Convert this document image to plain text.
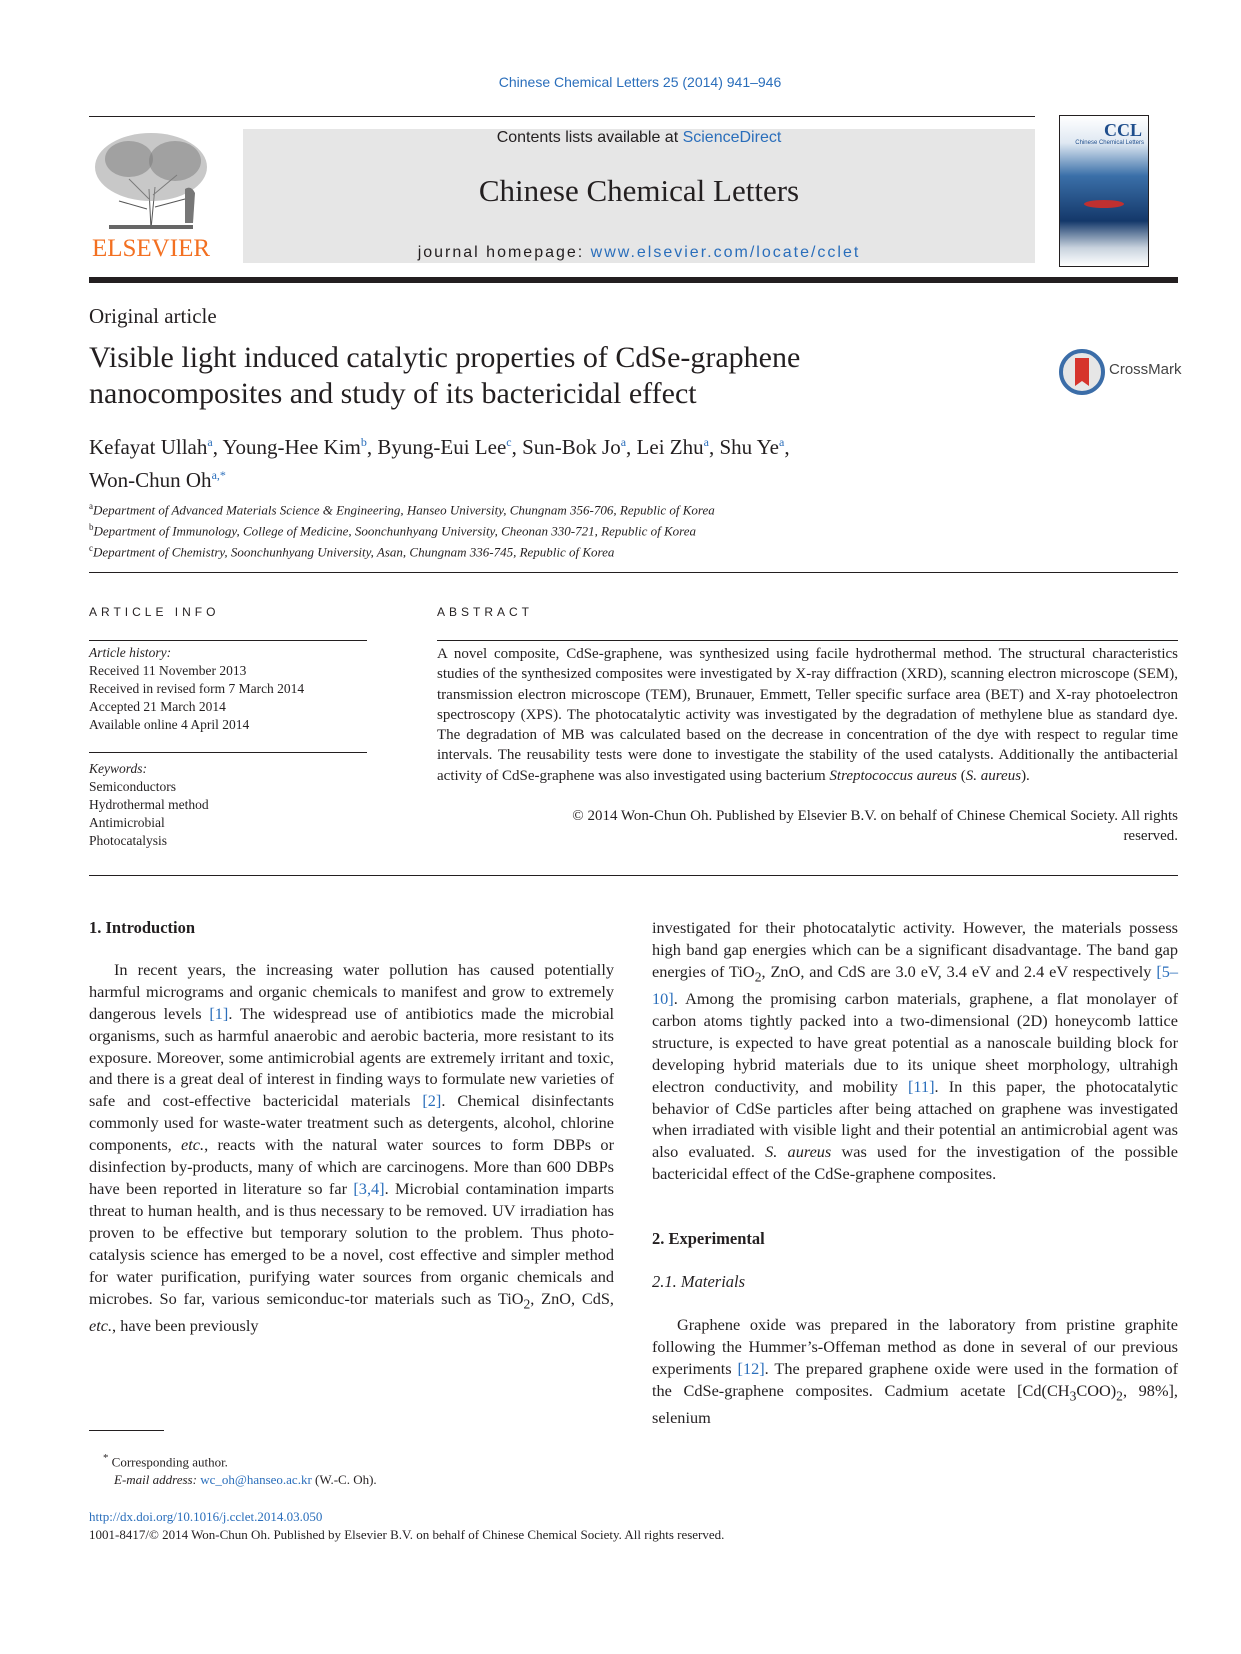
Chinese Chemical Letters 25 (2014) 941–946
ELSEVIER
Contents lists available at ScienceDirect
Chinese Chemical Letters
journal homepage: www.elsevier.com/locate/cclet
CCL
Chinese Chemical Letters
Original article
Visible light induced catalytic properties of CdSe-graphene
nanocomposites and study of its bactericidal effect
CrossMark
Kefayat Ullah$^a$, Young-Hee Kim$^b$, Byung-Eui Lee$^c$, Sun-Bok Jo$^a$, Lei Zhu$^a$, Shu Ye$^a$,
Won-Chun $Oh^{a,*}$
$^a$Department of Advanced Materials Science & Engineering, Hanseo University, Chungnam 356-706, Republic of Korea
$^b$Department of Immunology, College of Medicine, Soonchunhyang University, Cheonan 330-721, Republic of Korea
$^c$Department of Chemistry, Soonchunhyang University, Asan, Chungnam 336-745, Republic of Korea
ARTICLE INFO	ABSTRACT
Article history:
Received 11 November 2013
Received in revised form 7 March 2014
Accepted 21 March 2014
Available online 4 April 2014
Keywords:
Semiconductors
Hydrothermal method
Antimicrobial
Photocatalysis
A novel composite, CdSe-graphene, was synthesized using facile hydrothermal method. The structural characteristics studies of the synthesized composites were investigated by X-ray diffraction (XRD), scanning electron microscope (SEM), transmission electron microscope (TEM), Brunauer, Emmett, Teller specific surface area (BET) and X-ray photoelectron spectroscopy (XPS). The photocatalytic activity was investigated by the degradation of methylene blue as standard dye. The degradation of MB was calculated based on the decrease in concentration of the dye with respect to regular time intervals. The reusability tests were done to investigate the stability of the used catalysts. Additionally the antibacterial activity of CdSe-graphene was also investigated using bacterium Streptococcus aureus (S. aureus).
© 2014 Won-Chun Oh. Published by Elsevier B.V. on behalf of Chinese Chemical Society. All rights
reserved.

1. Introduction

In recent years, the increasing water pollution has caused potentially harmful micrograms and organic chemicals to manifest and grow to extremely dangerous levels [1]. The widespread use of antibiotics made the microbial organisms, such as harmful anaerobic and aerobic bacteria, more resistant to its exposure. Moreover, some antimicrobial agents are extremely irritant and toxic, and there is a great deal of interest in finding ways to formulate new varieties of safe and cost-effective bactericidal materials [2]. Chemical disinfectants commonly used for waste-water treatment such as detergents, alcohol, chlorine components, etc., reacts with the natural water sources to form DBPs or disinfection by-products, many of which are carcinogens. More than 600 DBPs have been reported in literature so far [3,4]. Microbial contamination imparts threat to human health, and is thus necessary to be removed. UV irradiation has proven to be effective but temporary solution to the problem. Thus photo-catalysis science has emerged to be a novel, cost effective and simpler method for water purification, purifying water sources from organic chemicals and microbes. So far, various semiconduc-tor materials such as TiO$_2$, ZnO, CdS, etc., have been previously

investigated for their photocatalytic activity. However, the materials possess high band gap energies which can be a significant disadvantage. The band gap energies of TiO$_2$, ZnO, and CdS are 3.0 eV, 3.4 eV and 2.4 eV respectively [5–10]. Among the promising carbon materials, graphene, a flat monolayer of carbon atoms tightly packed into a two-dimensional (2D) honeycomb lattice structure, is expected to have great potential as a nanoscale building block for developing hybrid materials due to its unique sheet morphology, ultrahigh electron conductivity, and mobility [11]. In this paper, the photocatalytic behavior of CdSe particles after being attached on graphene was investigated when irradiated with visible light and their potential an antimicrobial agent was also evaluated. S. aureus was used for the investigation of the possible bactericidal effect of the CdSe-graphene composites.

2. Experimental

2.1. Materials

Graphene oxide was prepared in the laboratory from pristine graphite following the Hummer’s-Offeman method as done in several of our previous experiments [12]. The prepared graphene oxide were used in the formation of the CdSe-graphene composites. Cadmium acetate [$Cd(CH_3COO)_2$, 98%], selenium

* Corresponding author.
E-mail address: wc_oh@hanseo.ac.kr (W.-C. Oh).
http://dx.doi.org/10.1016/j.cclet.2014.03.050
1001-8417/© 2014 Won-Chun Oh. Published by Elsevier B.V. on behalf of Chinese Chemical Society. All rights reserved.
